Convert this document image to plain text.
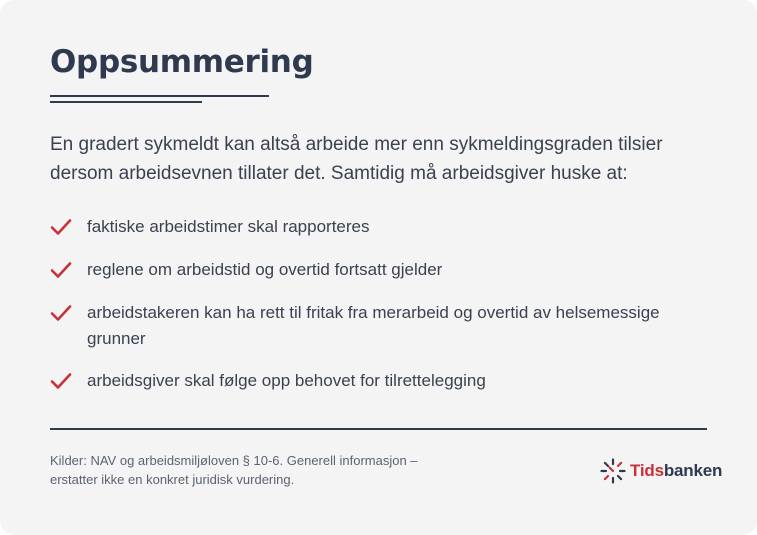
Oppsummering

En gradert sykmeldt kan altså arbeide mer enn sykmeldingsgraden tilsier dersom arbeidsevnen tillater det. Samtidig må arbeidsgiver huske at:

faktiske arbeidstimer skal rapporteres
reglene om arbeidstid og overtid fortsatt gjelder
arbeidstakeren kan ha rett til fritak fra merarbeid og overtid av helsemessige grunner
arbeidsgiver skal følge opp behovet for tilrettelegging

Kilder: NAV og arbeidsmiljøloven § 10-6. Generell informasjon –
erstatter ikke en konkret juridisk vurdering.	Tidsbanken
